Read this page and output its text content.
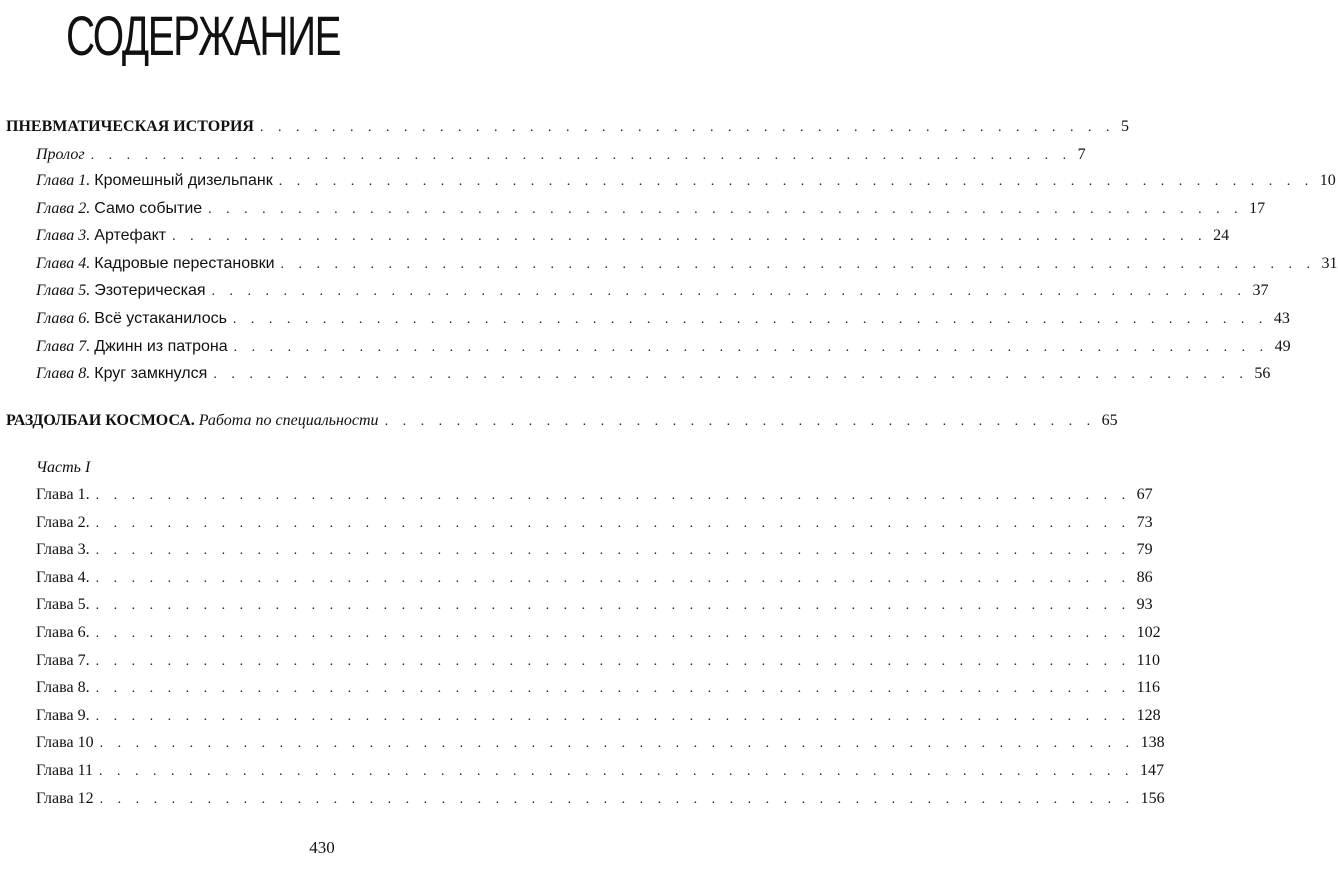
СОДЕРЖАНИЕ
ПНЕВМАТИЧЕСКАЯ ИСТОРИЯ . . . . . . . . . . . . . . . . . . . . . . . . . . . . . . . . . . . . . . . . . . . . . . . . 5
Пролог . . . . . . . . . . . . . . . . . . . . . . . . . . . . . . . . . . . . . . . . . . . . . . . . . . . . . . . 7
Глава 1. Кромешный дизельпанк . . . . . . . . . . . . . . . . . . . . . . . . . . . . . . . . . . . . . . . . . . . . . . . . . . . . . . . . . . 10
Глава 2. Само событие . . . . . . . . . . . . . . . . . . . . . . . . . . . . . . . . . . . . . . . . . . . . . . . . . . . . . . . . . . 17
Глава 3. Артефакт . . . . . . . . . . . . . . . . . . . . . . . . . . . . . . . . . . . . . . . . . . . . . . . . . . . . . . . . . . 24
Глава 4. Кадровые перестановки . . . . . . . . . . . . . . . . . . . . . . . . . . . . . . . . . . . . . . . . . . . . . . . . . . . . . . . . . . 31
Глава 5. Эзотерическая . . . . . . . . . . . . . . . . . . . . . . . . . . . . . . . . . . . . . . . . . . . . . . . . . . . . . . . . . . 37
Глава 6. Всё устаканилось . . . . . . . . . . . . . . . . . . . . . . . . . . . . . . . . . . . . . . . . . . . . . . . . . . . . . . . . . . 43
Глава 7. Джинн из патрона . . . . . . . . . . . . . . . . . . . . . . . . . . . . . . . . . . . . . . . . . . . . . . . . . . . . . . . . . . 49
Глава 8. Круг замкнулся . . . . . . . . . . . . . . . . . . . . . . . . . . . . . . . . . . . . . . . . . . . . . . . . . . . . . . . . . . 56
РАЗДОЛБАИ КОСМОСА. Работа по специальности . . . . . . . . . . . . . . . . . . . . . . . . . . . . . . . . . . . . . . . . 65
Часть I
Глава 1. . . . . . . . . . . . . . . . . . . . . . . . . . . . . . . . . . . . . . . . . . . . . . . . . . . . . . . . . . . 67
Глава 2. . . . . . . . . . . . . . . . . . . . . . . . . . . . . . . . . . . . . . . . . . . . . . . . . . . . . . . . . . . 73
Глава 3. . . . . . . . . . . . . . . . . . . . . . . . . . . . . . . . . . . . . . . . . . . . . . . . . . . . . . . . . . . 79
Глава 4. . . . . . . . . . . . . . . . . . . . . . . . . . . . . . . . . . . . . . . . . . . . . . . . . . . . . . . . . . . 86
Глава 5. . . . . . . . . . . . . . . . . . . . . . . . . . . . . . . . . . . . . . . . . . . . . . . . . . . . . . . . . . . 93
Глава 6. . . . . . . . . . . . . . . . . . . . . . . . . . . . . . . . . . . . . . . . . . . . . . . . . . . . . . . . . . . 102
Глава 7. . . . . . . . . . . . . . . . . . . . . . . . . . . . . . . . . . . . . . . . . . . . . . . . . . . . . . . . . . . 110
Глава 8. . . . . . . . . . . . . . . . . . . . . . . . . . . . . . . . . . . . . . . . . . . . . . . . . . . . . . . . . . . 116
Глава 9. . . . . . . . . . . . . . . . . . . . . . . . . . . . . . . . . . . . . . . . . . . . . . . . . . . . . . . . . . . 128
Глава 10 . . . . . . . . . . . . . . . . . . . . . . . . . . . . . . . . . . . . . . . . . . . . . . . . . . . . . . . . . . 138
Глава 11 . . . . . . . . . . . . . . . . . . . . . . . . . . . . . . . . . . . . . . . . . . . . . . . . . . . . . . . . . . 147
Глава 12 . . . . . . . . . . . . . . . . . . . . . . . . . . . . . . . . . . . . . . . . . . . . . . . . . . . . . . . . . . 156
430
